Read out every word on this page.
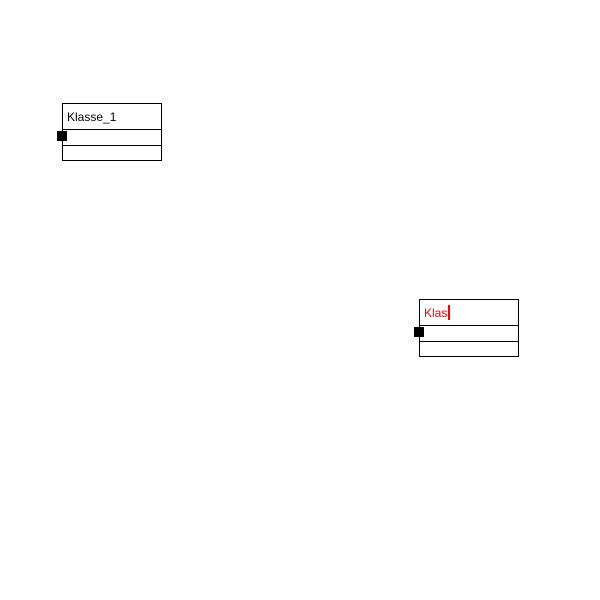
Klasse_1
Klas
